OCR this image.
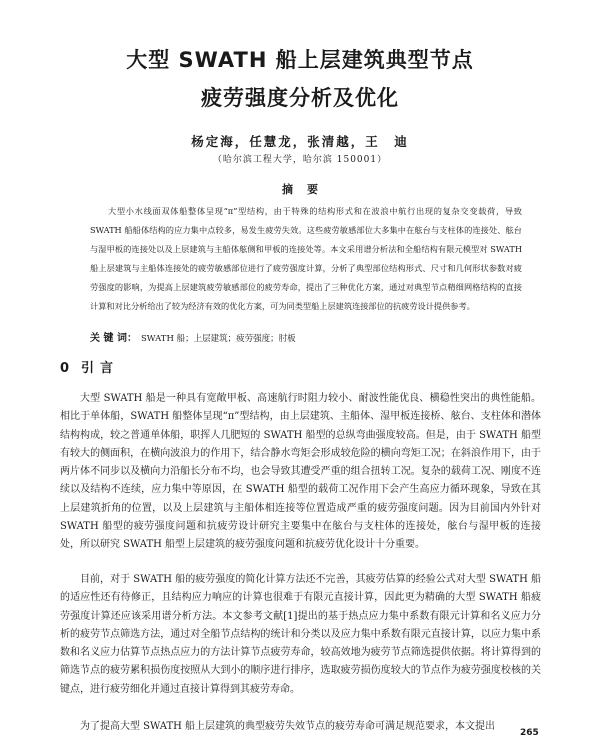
大型 SWATH 船上层建筑典型节点
疲劳强度分析及优化
杨定海，任慧龙，张清越，王　迪
（哈尔滨工程大学，哈尔滨 150001）
摘要

大型小水线面双体船整体呈现“π”型结构，由于特殊的结构形式和在波浪中航行出现的复杂交变载荷，导致 SWATH 船船体结构的应力集中点较多，易发生疲劳失效。这些疲劳敏感部位大多集中在舷台与支柱体的连接处、舷台与湿甲板的连接处以及上层建筑与主船体舷侧和甲板的连接处等。本文采用谱分析法和全船结构有限元模型对 SWATH 船上层建筑与主船体连接处的疲劳敏感部位进行了疲劳强度计算，分析了典型部位结构形式、尺寸和几何形状参数对疲劳强度的影响，为提高上层建筑疲劳敏感部位的疲劳寿命，提出了三种优化方案，通过对典型节点精细网格结构的直接计算和对比分析给出了较为经济有效的优化方案，可为同类型船上层建筑连接部位的抗疲劳设计提供参考。

关 键 词： SWATH 船；上层建筑；疲劳强度；肘板

0 引言

大型 SWATH 船是一种具有宽敞甲板、高速航行时阻力较小、耐波性能优良、横稳性突出的典性能船。相比于单体船，SWATH 船整体呈现“π”型结构，由上层建筑、主船体、湿甲板连接桥、舷台、支柱体和潜体结构构成，较之普通单体船，职挥人几肥短的 SWATH 船型的总纵弯曲强度较高。但是，由于 SWATH 船型有较大的侧面积，在横向波浪力的作用下，结合静水弯矩会形成较危险的横向弯矩工况；在斜浪作用下，由于两片体不同步以及横向力沿船长分布不均，也会导致其遭受严重的组合扭转工况。复杂的载荷工况、刚度不连续以及结构不连续，应力集中等原因，在 SWATH 船型的载荷工况作用下会产生高应力循环现象，导致在其上层建筑折角的位置，以及上层建筑与主船体相连接等位置造成严重的疲劳强度问题。因为目前国内外针对 SWATH 船型的疲劳强度问题和抗疲劳设计研究主要集中在舷台与支柱体的连接处，舷台与湿甲板的连接处，所以研究 SWATH 船型上层建筑的疲劳强度问题和抗疲劳优化设计十分重要。

目前，对于 SWATH 船的疲劳强度的简化计算方法还不完善，其疲劳估算的经验公式对大型 SWATH 船的适应性还有待修正，且结构应力响应的计算也很难于有限元直接计算，因此更为精确的大型 SWATH 船疲劳强度计算还应该采用谱分析方法。本文参考文献[1]提出的基于热点应力集中系数有限元计算和名义应力分析的疲劳节点筛选方法，通过对全船节点结构的统计和分类以及应力集中系数有限元直接计算，以应力集中系数和名义应力估算节点热点应力的方法计算节点疲劳寿命，较高效地为疲劳节点筛选提供依据。将计算得到的筛选节点的疲劳累积损伤度按照从大到小的顺序进行排序，选取疲劳损伤度较大的节点作为疲劳强度校核的关键点，进行疲劳细化并通过直接计算得到其疲劳寿命。

为了提高大型 SWATH 船上层建筑的典型疲劳失效节点的疲劳寿命可满足规范要求，本文提出

265
